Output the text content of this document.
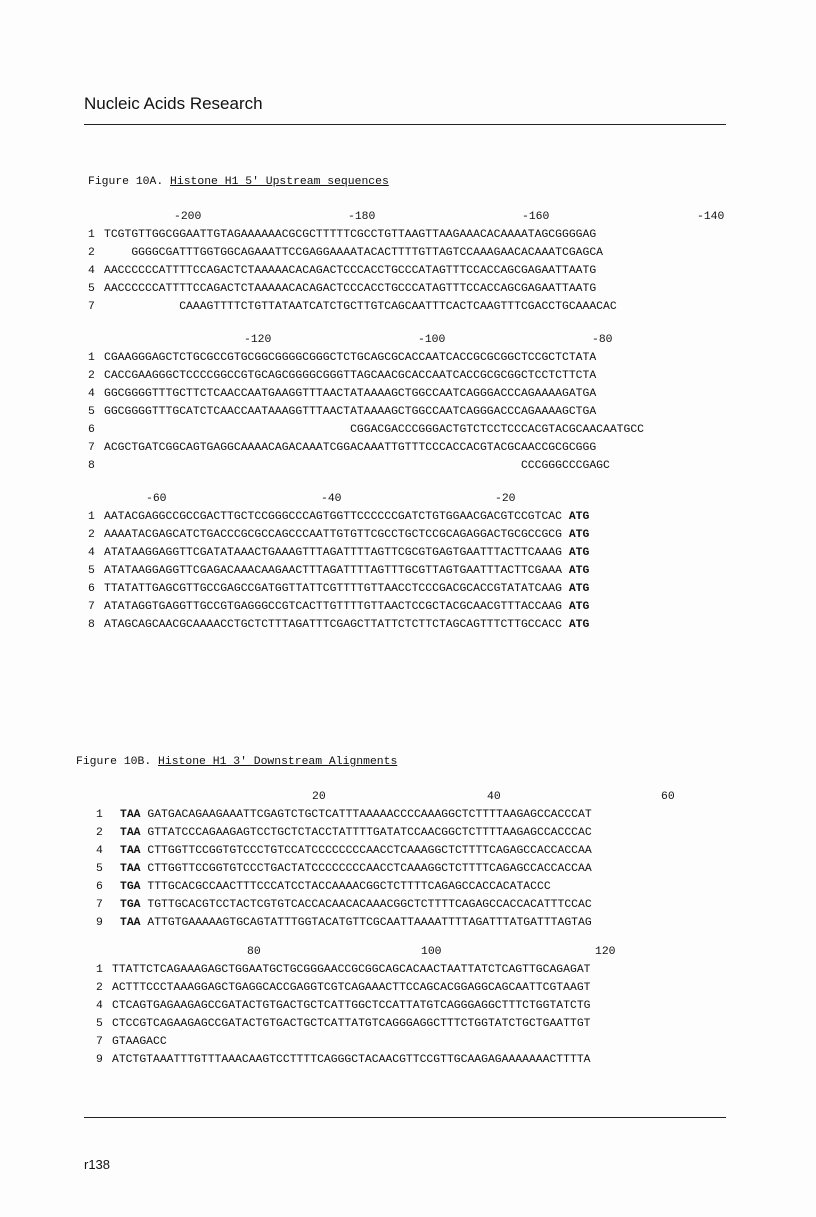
Nucleic Acids Research
Figure 10A. Histone H1 5' Upstream sequences
-200	-180	-160	-140
1 TCGTGTTGGCGGAATTGTAGAAAAAACGCGCTTTTTCGCCTGTTAAGTTAAGAAACACAAAATAGCGGGGAG
2    GGGGCGATTTGGTGGCAGAAATTCCGAGGAAAATACACTTTTGTTAGTCCAAAGAACACAAATCGAGCA
4 AACCCCCCATTTTCCAGACTCTAAAAACACAGACTCCCACCTGCCCATAGTTTCCACCAGCGAGAATTAATG
5 AACCCCCCATTTTCCAGACTCTAAAAACACAGACTCCCACCTGCCCATAGTTTCCACCAGCGAGAATTAATG
7           CAAAGTTTTCTGTTATAATCATCTGCTTGTCAGCAATTTCACTCAAGTTTCGACCTGCAAACAC
-120	-100	-80
1 CGAAGGGAGCTCTGCGCCGTGCGGCGGGGCGGGCTCTGCAGCGCACCAATCACCGCGCGGCTCCGCTCTATA
2 CACCGAAGGGCTCCCCGGCCGTGCAGCGGGGCGGGTTAGCAACGCACCAATCACCGCGCGGCTCCTCTTCTA
4 GGCGGGGTTTGCTTCTCAACCAATGAAGGTTTAACTATAAAAGCTGGCCAATCAGGGACCCAGAAAAGATGA
5 GGCGGGGTTTGCATCTCAACCAATAAAGGTTTAACTATAAAAGCTGGCCAATCAGGGACCCAGAAAAGCTGA
6                                    CGGACGACCCGGGACTGTCTCCTCCCACGTACGCAACAATGCC
7 ACGCTGATCGGCAGTGAGGCAAAACAGACAAATCGGACAAATTGTTTCCCACCACGTACGCAACCGCGCGGG
8                                                             CCCGGGCCCGAGC
-60	-40	-20
1 AATACGAGGCCGCCGACTTGCTCCGGGCCCAGTGGTTCCCCCCGATCTGTGGAACGACGTCCGTCAC ATG
2 AAAATACGAGCATCTGACCCGCGCCAGCCCAATTGTGTTCGCCTGCTCCGCAGAGGACTGCGCCGCG ATG
4 ATATAAGGAGGTTCGATATAAACTGAAAGTTTAGATTTTAGTTCGCGTGAGTGAATTTACTTCAAAG ATG
5 ATATAAGGAGGTTCGAGACAAACAAGAACTTTAGATTTTAGTTTGCGTTAGTGAATTTACTTCGAAA ATG
6 TTATATTGAGCGTTGCCGAGCCGATGGTTATTCGTTTTGTTAACCTCCCGACGCACCGTATATCAAG ATG
7 ATATAGGTGAGGTTGCCGTGAGGGCCGTCACTTGTTTTGTTAACTCCGCTACGCAACGTTTACCAAG ATG
8 ATAGCAGCAACGCAAAACCTGCTCTTTAGATTTCGAGCTTATTCTCTTCTAGCAGTTTCTTGCCACC ATG
Figure 10B. Histone H1 3' Downstream Alignments
20	40	60
1 TAA GATGACAGAAGAAATTCGAGTCTGCTCATTTAAAAACCCCAAAGGCTCTTTTAAGAGCCACCCAT
2 TAA GTTATCCCAGAAGAGTCCTGCTCTACCTATTTTGATATCCAACGGCTCTTTTAAGAGCCACCCAC
4 TAA CTTGGTTCCGGTGTCCCTGTCCATCCCCCCCCAACCTCAAAGGCTCTTTTCAGAGCCACCACCAA
5 TAA CTTGGTTCCGGTGTCCCTGACTATCCCCCCCCAACCTCAAAGGCTCTTTTCAGAGCCACCACCAA
6 TGA TTTGCACGCCAACTTTCCCATCCTACCAAAACGGCTCTTTTCAGAGCCACCACATACCC
7 TGA TGTTGCACGTCCTACTCGTGTCACCACAACACAAACGGCTCTTTTCAGAGCCACCACATTTCCAC
9 TAA ATTGTGAAAAAGTGCAGTATTTGGTACATGTTCGCAATTAAAATTTTAGATTTATGATTTAGTAG
80	100	120
1 TTATTCTCAGAAAGAGCTGGAATGCTGCGGGAACCGCGGCAGCACAACTAATTATCTCAGTTGCAGAGAT
2 ACTTTCCCTAAAGGAGCTGAGGCACCGAGGTCGTCAGAAACTTCCAGCACGGAGGCAGCAATTCGTAAGT
4 CTCAGTGAGAAGAGCCGATACTGTGACTGCTCATTGGCTCCATTATGTCAGGGAGGCTTTCTGGTATCTG
5 CTCCGTCAGAAGAGCCGATACTGTGACTGCTCATTATGTCAGGGAGGCTTTCTGGTATCTGCTGAATTGT
7 GTAAGACC
9 ATCTGTAAATTTGTTTAAACAAGTCCTTTTCAGGGCTACAACGTTCCGTTGCAAGAGAAAAAAACTTTTA
r138
